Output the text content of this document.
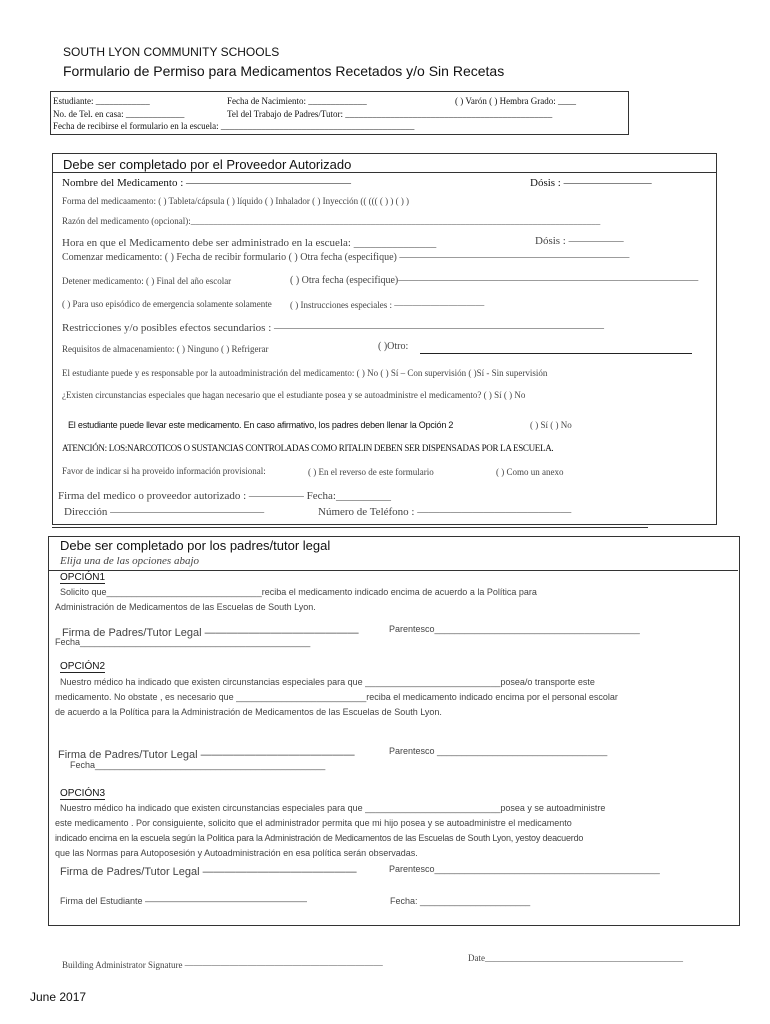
SOUTH LYON COMMUNITY SCHOOLS
Formulario de Permiso para Medicamentos Recetados y/o Sin Recetas
Estudiante: ____________	Fecha de Nacimiento: _____________	( ) Varón ( ) Hembra Grado: ____
No. de Tel. en casa: _____________	Tel del Trabajo de Padres/Tutor: ______________________________________________
Fecha de recibirse el formulario en la escuela: ___________________________________________
Debe ser completado por el Proveedor Autorizado
Nombre del Medicamento : ———————————————	Dósis : ————————
Forma del medicaamento: ( ) Tableta/cápsula ( ) líquido ( ) Inhalador ( ) Inyección (( ((( ( ) ) ( ) )
Razón del medicamento (opcional):___________________________________________________________________________________________
Hora en que el Medicamento debe ser administrado en la escuela: _______________	Dósis : —————
Comenzar medicamento: ( ) Fecha de recibir formulario ( ) Otra fecha (especifique) ———————————————————————
Detener medicamento: ( ) Final del año escolar	( ) Otra fecha (especifique)——————————————————————————————
( ) Para uso episódico de emergencia solamente solamente ( ) Instrucciones especiales : ——————————
Restricciones y/o posibles efectos secundarios : ——————————————————————————————
Requisitos de almacenamiento: ( ) Ninguno ( ) Refrigerar	( )Otro:
El estudiante puede y es responsable por la autoadministración del medicamento: ( ) No ( ) Sí – Con supervisión ( )Sí - Sin supervisión
¿Existen circunstancias especiales que hagan necesario que el estudiante posea y se autoadministre el medicamento? ( ) Sí ( ) No
El estudiante puede llevar este medicamento. En caso afirmativo, los padres deben llenar la Opción 2	( ) Sí ( ) No
ATENCIÓN: LOS:NARCOTICOS O SUSTANCIAS CONTROLADAS COMO RITALIN DEBEN SER DISPENSADAS POR LA ESCUELA.
Favor de indicar si ha proveido información provisional:	( ) En el reverso de este formulario	( ) Como un anexo
Firma del medico o proveedor autorizado : ————— Fecha:__________
Dirección ——————————————	Número de Teléfono : ——————————————
Debe ser completado por los padres/tutor legal
Elija una de las opciones abajo
OPCIÓN1
Solicito que_______________________________reciba el medicamento indicado encima de acuerdo a la Política para
Administración de Medicamentos de las Escuelas de South Lyon.
Firma de Padres/Tutor Legal ——————————————	Parentesco_________________________________________
Fecha______________________________________________
OPCIÓN2
Nuestro médico ha indicado que existen circunstancias especiales para que ___________________________posea/o transporte este
medicamento. No obstate , es necesario que __________________________reciba el medicamento indicado encima por el personal escolar
de acuerdo a la Política para la Administración de Medicamentos de las Escuelas de South Lyon.
Firma de Padres/Tutor Legal ——————————————	Parentesco __________________________________
Fecha______________________________________________
OPCIÓN3
Nuestro médico ha indicado que existen circunstancias especiales para que ___________________________posea y se autoadministre
este medicamento . Por consiguiente, solicito que el administrador permita que mi hijo posea y se autoadministre el medicamento
indicado encima en la escuela según la Politica para la Administración de Medicamentos de las Escuelas de South Lyon, yestoy deacuerdo
que las Normas para Autoposesión y Autoadministración en esa política serán observadas.
Firma de Padres/Tutor Legal ——————————————	Parentesco_____________________________________________
Firma del Estudiante ——————————————————	Fecha: ______________________
Building Administrator Signature ——————————————————————
Date____________________________________________
June 2017
